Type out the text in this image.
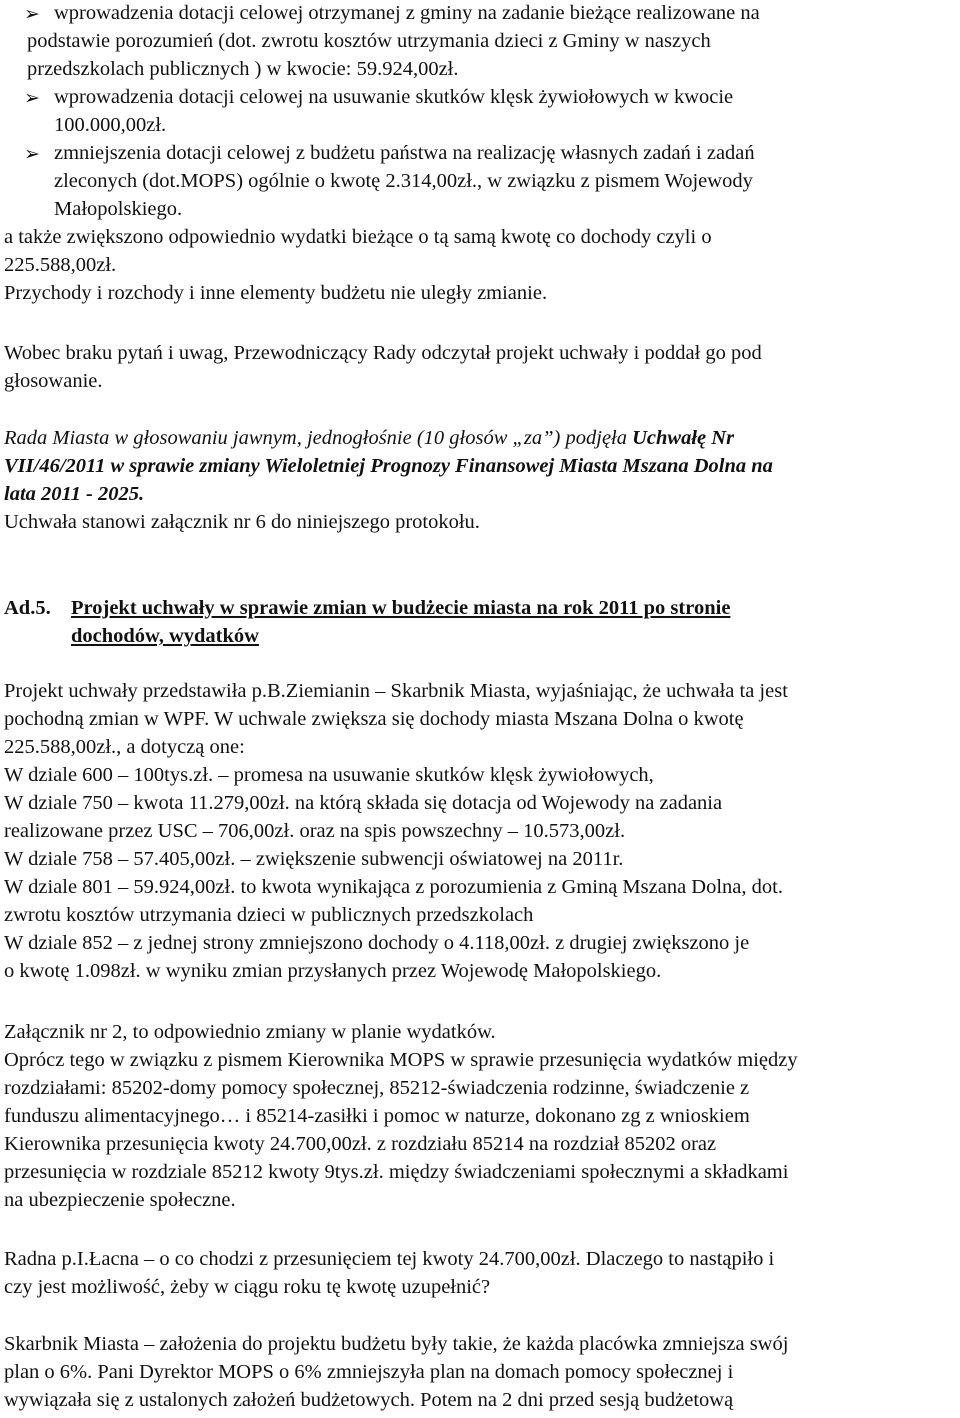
➢ wprowadzenia dotacji celowej otrzymanej z gminy na zadanie bieżące realizowane na

podstawie porozumień (dot. zwrotu kosztów utrzymania dzieci z Gminy w naszych

przedszkolach publicznych ) w kwocie: 59.924,00zł.

➢ wprowadzenia dotacji celowej na usuwanie skutków klęsk żywiołowych w kwocie

100.000,00zł.

➢ zmniejszenia dotacji celowej z budżetu państwa na realizację własnych zadań i zadań

zleconych (dot.MOPS) ogólnie o kwotę 2.314,00zł., w związku z pismem Wojewody

Małopolskiego.

a także zwiększono odpowiednio wydatki bieżące o tą samą kwotę co dochody czyli o

225.588,00zł.

Przychody i rozchody i inne elementy budżetu nie uległy zmianie.

Wobec braku pytań i uwag, Przewodniczący Rady odczytał projekt uchwały i poddał go pod

głosowanie.

Rada Miasta w głosowaniu jawnym, jednogłośnie (10 głosów „za”) podjęła Uchwałę Nr

VII/46/2011 w sprawie zmiany Wieloletniej Prognozy Finansowej Miasta Mszana Dolna na

lata 2011 - 2025.

Uchwała stanowi załącznik nr 6 do niniejszego protokołu.

Ad.5. Projekt uchwały w sprawie zmian w budżecie miasta na rok 2011 po stronie

dochodów, wydatków

Projekt uchwały przedstawiła p.B.Ziemianin – Skarbnik Miasta, wyjaśniając, że uchwała ta jest

pochodną zmian w WPF. W uchwale zwiększa się dochody miasta Mszana Dolna o kwotę

225.588,00zł., a dotyczą one:

W dziale 600 – 100tys.zł. – promesa na usuwanie skutków klęsk żywiołowych,

W dziale 750 – kwota 11.279,00zł. na którą składa się dotacja od Wojewody na zadania

realizowane przez USC – 706,00zł. oraz na spis powszechny – 10.573,00zł.

W dziale 758 – 57.405,00zł. – zwiększenie subwencji oświatowej na 2011r.

W dziale 801 – 59.924,00zł. to kwota wynikająca z porozumienia z Gminą Mszana Dolna, dot.

zwrotu kosztów utrzymania dzieci w publicznych przedszkolach

W dziale 852 – z jednej strony zmniejszono dochody o 4.118,00zł. z drugiej zwiększono je

o kwotę 1.098zł. w wyniku zmian przysłanych przez Wojewodę Małopolskiego.

Załącznik nr 2, to odpowiednio zmiany w planie wydatków.

Oprócz tego w związku z pismem Kierownika MOPS w sprawie przesunięcia wydatków między

rozdziałami: 85202-domy pomocy społecznej, 85212-świadczenia rodzinne, świadczenie z

funduszu alimentacyjnego… i 85214-zasiłki i pomoc w naturze, dokonano zg z wnioskiem

Kierownika przesunięcia kwoty 24.700,00zł. z rozdziału 85214 na rozdział 85202 oraz

przesunięcia w rozdziale 85212 kwoty 9tys.zł. między świadczeniami społecznymi a składkami

na ubezpieczenie społeczne.

Radna p.I.Łacna – o co chodzi z przesunięciem tej kwoty 24.700,00zł. Dlaczego to nastąpiło i

czy jest możliwość, żeby w ciągu roku tę kwotę uzupełnić?

Skarbnik Miasta – założenia do projektu budżetu były takie, że każda placówka zmniejsza swój

plan o 6%. Pani Dyrektor MOPS o 6% zmniejszyła plan na domach pomocy społecznej i

wywiązała się z ustalonych założeń budżetowych. Potem na 2 dni przed sesją budżetową
